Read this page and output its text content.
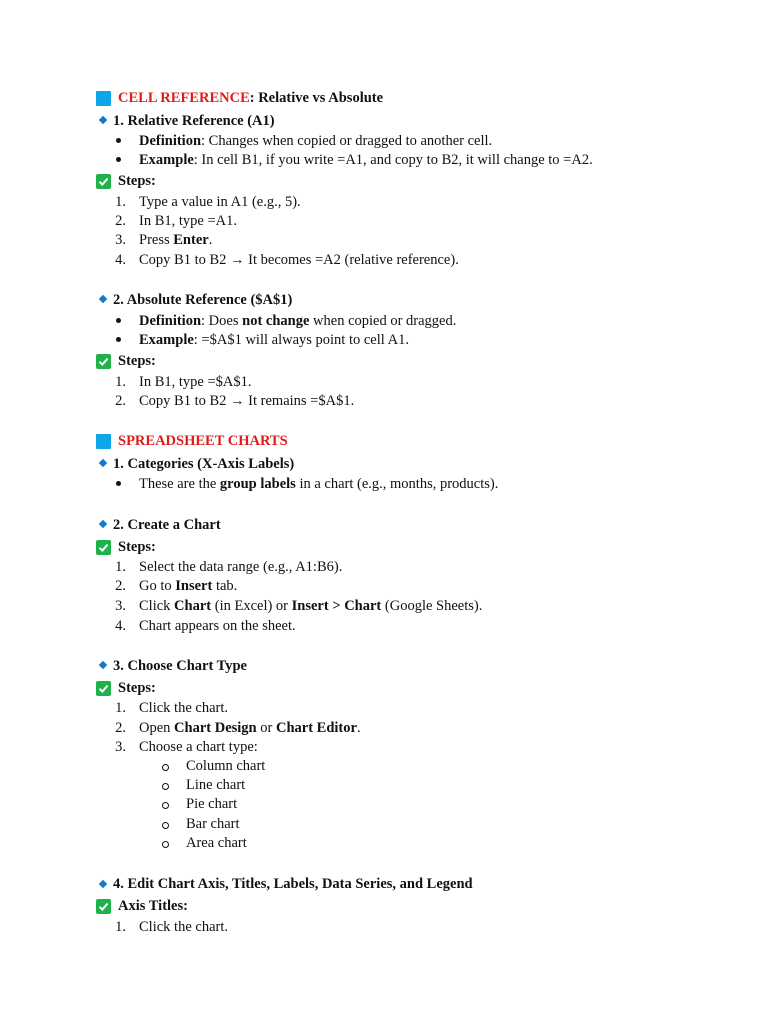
CELL REFERENCE: Relative vs Absolute
1. Relative Reference (A1)
Definition: Changes when copied or dragged to another cell.
Example: In cell B1, if you write =A1, and copy to B2, it will change to =A2.
Steps:
1. Type a value in A1 (e.g., 5).
2. In B1, type =A1.
3. Press Enter.
4. Copy B1 to B2 → It becomes =A2 (relative reference).
2. Absolute Reference ($A$1)
Definition: Does not change when copied or dragged.
Example: =$A$1 will always point to cell A1.
Steps:
1. In B1, type =$A$1.
2. Copy B1 to B2 → It remains =$A$1.
SPREADSHEET CHARTS
1. Categories (X-Axis Labels)
These are the group labels in a chart (e.g., months, products).
2. Create a Chart
Steps:
1. Select the data range (e.g., A1:B6).
2. Go to Insert tab.
3. Click Chart (in Excel) or Insert > Chart (Google Sheets).
4. Chart appears on the sheet.
3. Choose Chart Type
Steps:
1. Click the chart.
2. Open Chart Design or Chart Editor.
3. Choose a chart type:
Column chart
Line chart
Pie chart
Bar chart
Area chart
4. Edit Chart Axis, Titles, Labels, Data Series, and Legend
Axis Titles:
1. Click the chart.
